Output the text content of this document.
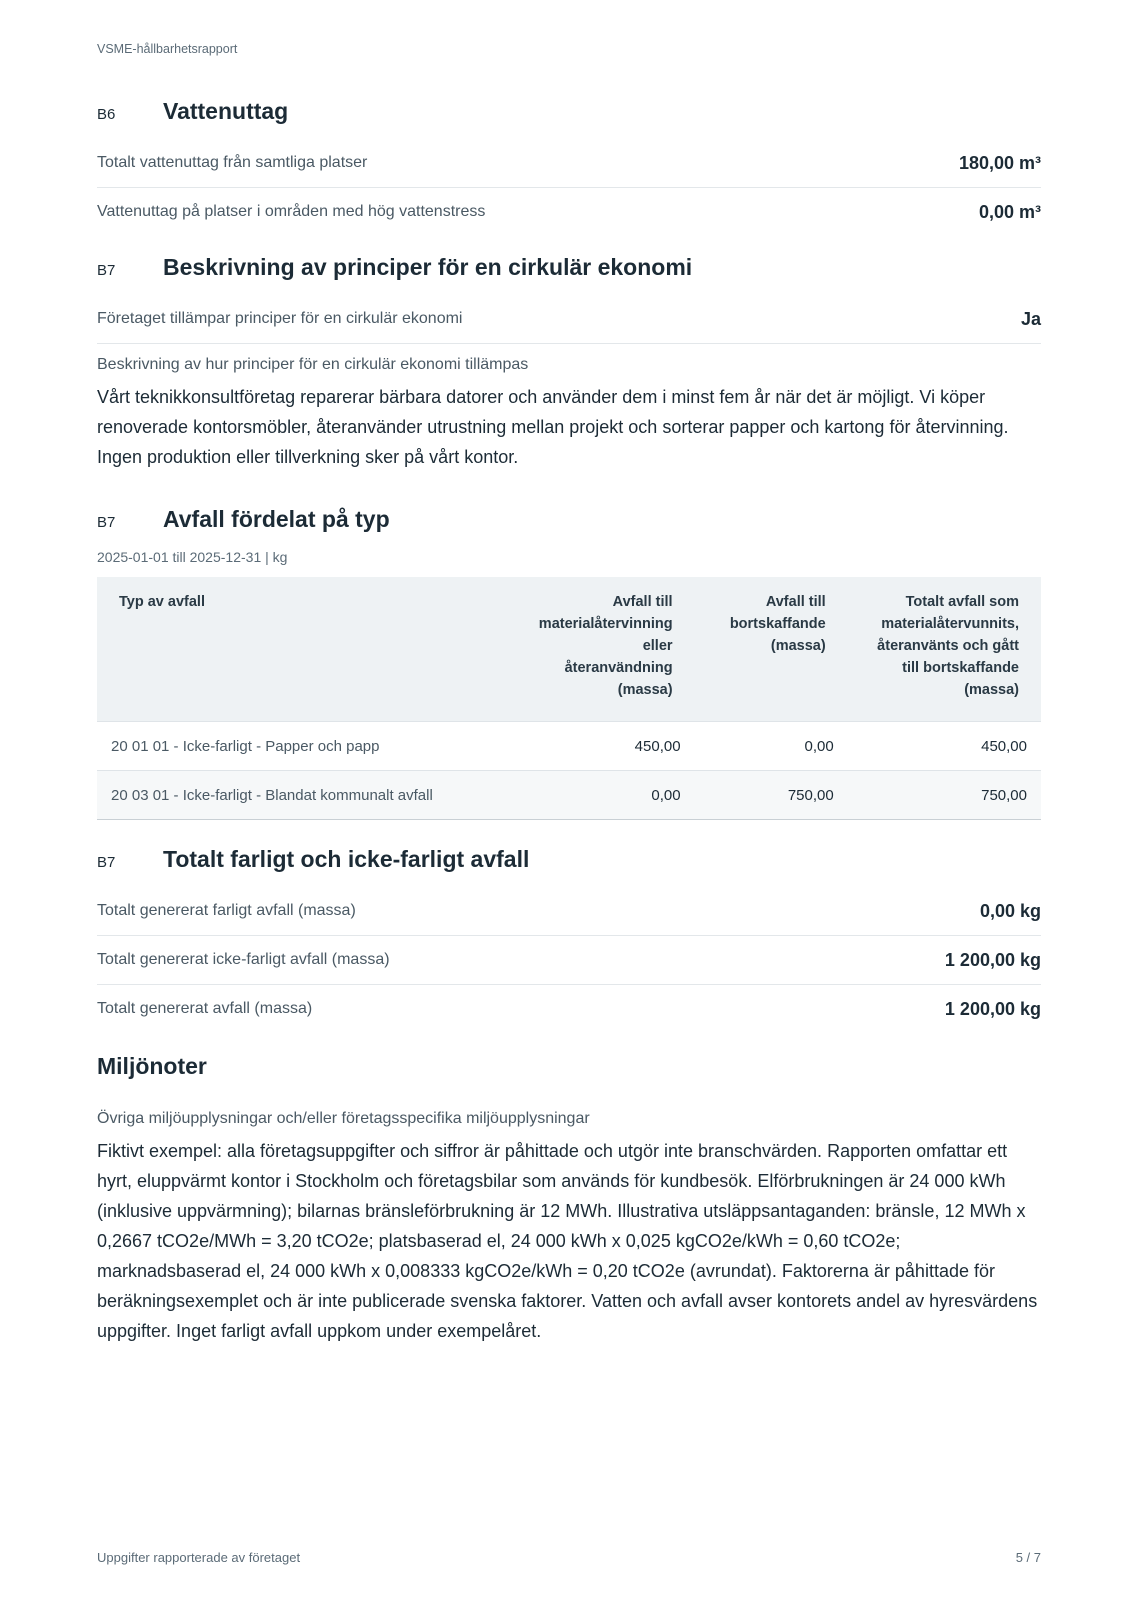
VSME-hållbarhetsrapport
B6	Vattenuttag
Totalt vattenuttag från samtliga platser	180,00 m³
Vattenuttag på platser i områden med hög vattenstress	0,00 m³
B7	Beskrivning av principer för en cirkulär ekonomi
Företaget tillämpar principer för en cirkulär ekonomi	Ja
Beskrivning av hur principer för en cirkulär ekonomi tillämpas
Vårt teknikkonsultföretag reparerar bärbara datorer och använder dem i minst fem år när det är möjligt. Vi köper renoverade kontorsmöbler, återanvänder utrustning mellan projekt och sorterar papper och kartong för återvinning. Ingen produktion eller tillverkning sker på vårt kontor.
B7	Avfall fördelat på typ
2025-01-01 till 2025-12-31 | kg
Typ av avfall	Avfall till materialåtervinning eller återanvändning (massa)	Avfall till bortskaffande (massa)	Totalt avfall som materialåtervunnits, återanvänts och gått till bortskaffande (massa)
20 01 01 - Icke-farligt - Papper och papp	450,00	0,00	450,00
20 03 01 - Icke-farligt - Blandat kommunalt avfall	0,00	750,00	750,00
B7	Totalt farligt och icke-farligt avfall
Totalt genererat farligt avfall (massa)	0,00 kg
Totalt genererat icke-farligt avfall (massa)	1 200,00 kg
Totalt genererat avfall (massa)	1 200,00 kg
Miljönoter
Övriga miljöupplysningar och/eller företagsspecifika miljöupplysningar
Fiktivt exempel: alla företagsuppgifter och siffror är påhittade och utgör inte branschvärden. Rapporten omfattar ett hyrt, eluppvärmt kontor i Stockholm och företagsbilar som används för kundbesök. Elförbrukningen är 24 000 kWh (inklusive uppvärmning); bilarnas bränsleförbrukning är 12 MWh. Illustrativa utsläppsantaganden: bränsle, 12 MWh x 0,2667 tCO2e/MWh = 3,20 tCO2e; platsbaserad el, 24 000 kWh x 0,025 kgCO2e/kWh = 0,60 tCO2e; marknadsbaserad el, 24 000 kWh x 0,008333 kgCO2e/kWh = 0,20 tCO2e (avrundat). Faktorerna är påhittade för beräkningsexemplet och är inte publicerade svenska faktorer. Vatten och avfall avser kontorets andel av hyresvärdens uppgifter. Inget farligt avfall uppkom under exempelåret.
Uppgifter rapporterade av företaget	5 / 7
